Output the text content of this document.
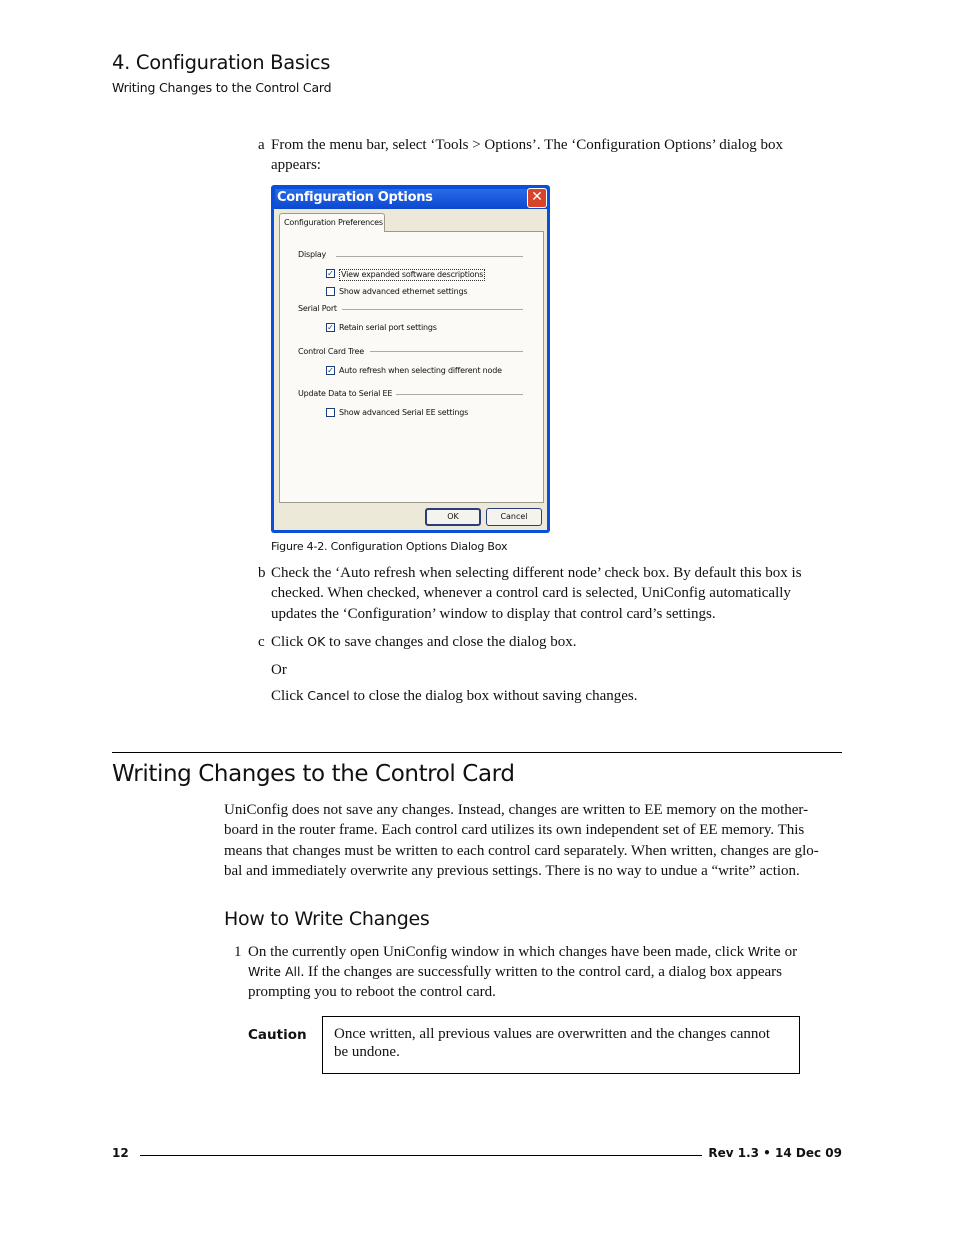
4. Configuration Basics
Writing Changes to the Control Card
a From the menu bar, select ‘Tools > Options’. The ‘Configuration Options’ dialog box
appears:
Configuration Options	✕
Configuration Preferences
Display
✓ View expanded software descriptions
Show advanced ethernet settings
Serial Port
✓ Retain serial port settings
Control Card Tree
✓ Auto refresh when selecting different node
Update Data to Serial EE
Show advanced Serial EE settings
OK	Cancel
Figure 4-2. Configuration Options Dialog Box
b Check the ‘Auto refresh when selecting different node’ check box. By default this box is
checked. When checked, whenever a control card is selected, UniConfig automatically
updates the ‘Configuration’ window to display that control card’s settings.
c Click OK to save changes and close the dialog box.
Or
Click Cancel to close the dialog box without saving changes.
Writing Changes to the Control Card
UniConfig does not save any changes. Instead, changes are written to EE memory on the mother-
board in the router frame. Each control card utilizes its own independent set of EE memory. This
means that changes must be written to each control card separately. When written, changes are glo-
bal and immediately overwrite any previous settings. There is no way to undue a “write” action.
How to Write Changes
1 On the currently open UniConfig window in which changes have been made, click Write or
Write All. If the changes are successfully written to the control card, a dialog box appears
prompting you to reboot the control card.
Caution Once written, all previous values are overwritten and the changes cannot
be undone.
12	Rev 1.3 • 14 Dec 09
